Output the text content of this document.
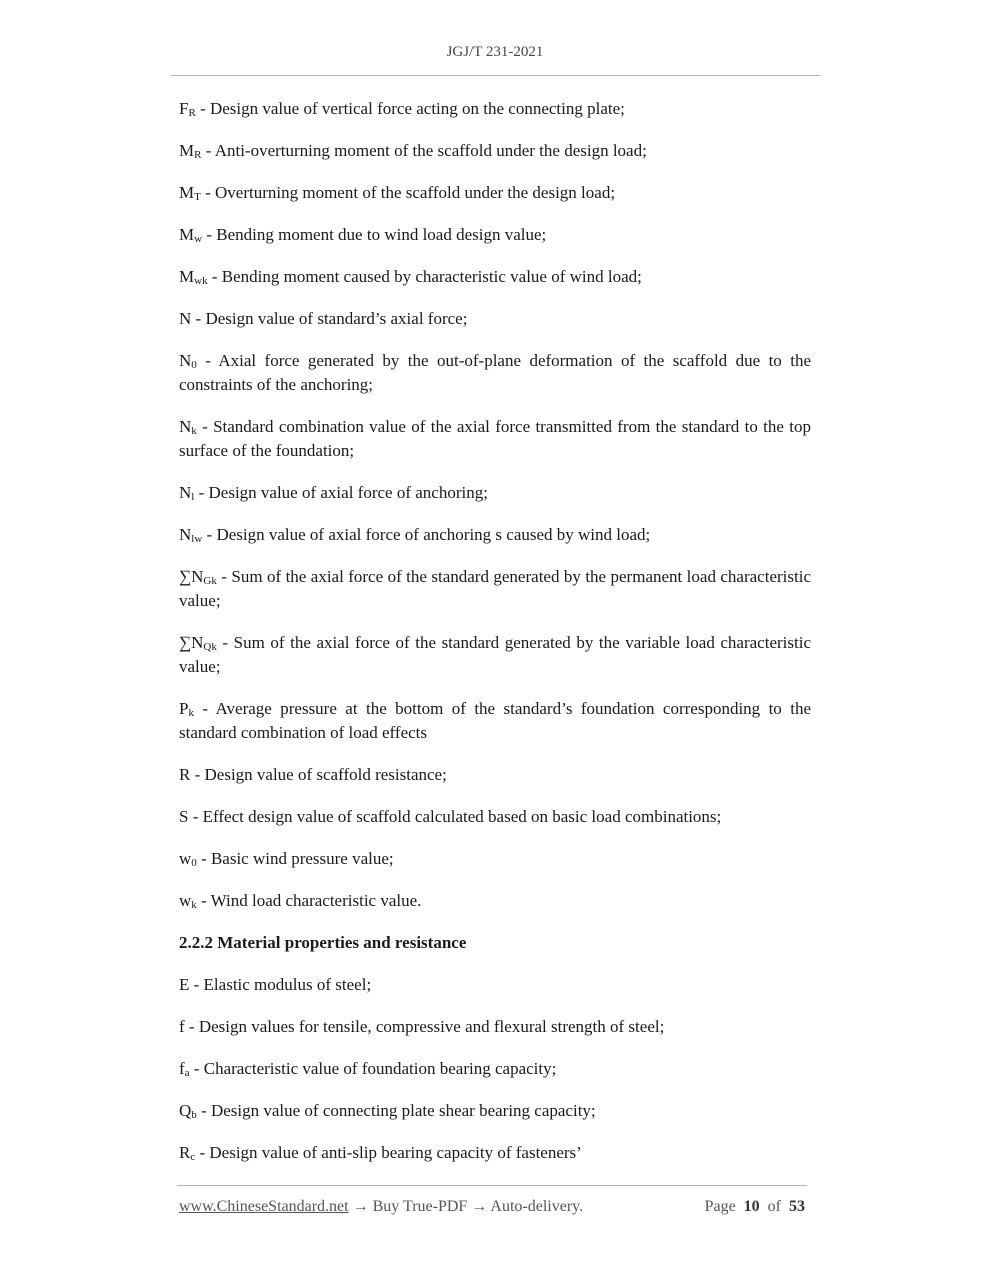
JGJ/T 231-2021
$F_R$ - Design value of vertical force acting on the connecting plate;
$M_R$ - Anti-overturning moment of the scaffold under the design load;
$M_T$ - Overturning moment of the scaffold under the design load;
$M_w$ - Bending moment due to wind load design value;
$M_{wk}$ - Bending moment caused by characteristic value of wind load;
N - Design value of standard’s axial force;
$N_0$ - Axial force generated by the out-of-plane deformation of the scaffold due to the constraints of the anchoring;
$N_k$ - Standard combination value of the axial force transmitted from the standard to the top surface of the foundation;
$N_l$ - Design value of axial force of anchoring;
$N_{lw}$ - Design value of axial force of anchoring s caused by wind load;
$\sum N_{Gk}$ - Sum of the axial force of the standard generated by the permanent load characteristic value;
$\sum N_{Qk}$ - Sum of the axial force of the standard generated by the variable load characteristic value;
$P_k$ - Average pressure at the bottom of the standard’s foundation corresponding to the standard combination of load effects
R - Design value of scaffold resistance;
S - Effect design value of scaffold calculated based on basic load combinations;
$w_0$ - Basic wind pressure value;
$w_k$ - Wind load characteristic value.
2.2.2 Material properties and resistance
E - Elastic modulus of steel;
f - Design values for tensile, compressive and flexural strength of steel;
$f_a$ - Characteristic value of foundation bearing capacity;
$Q_b$ - Design value of connecting plate shear bearing capacity;
$R_c$ - Design value of anti-slip bearing capacity of fasteners’
www.ChineseStandard.net → Buy True-PDF → Auto-delivery.	Page 10 of 53
